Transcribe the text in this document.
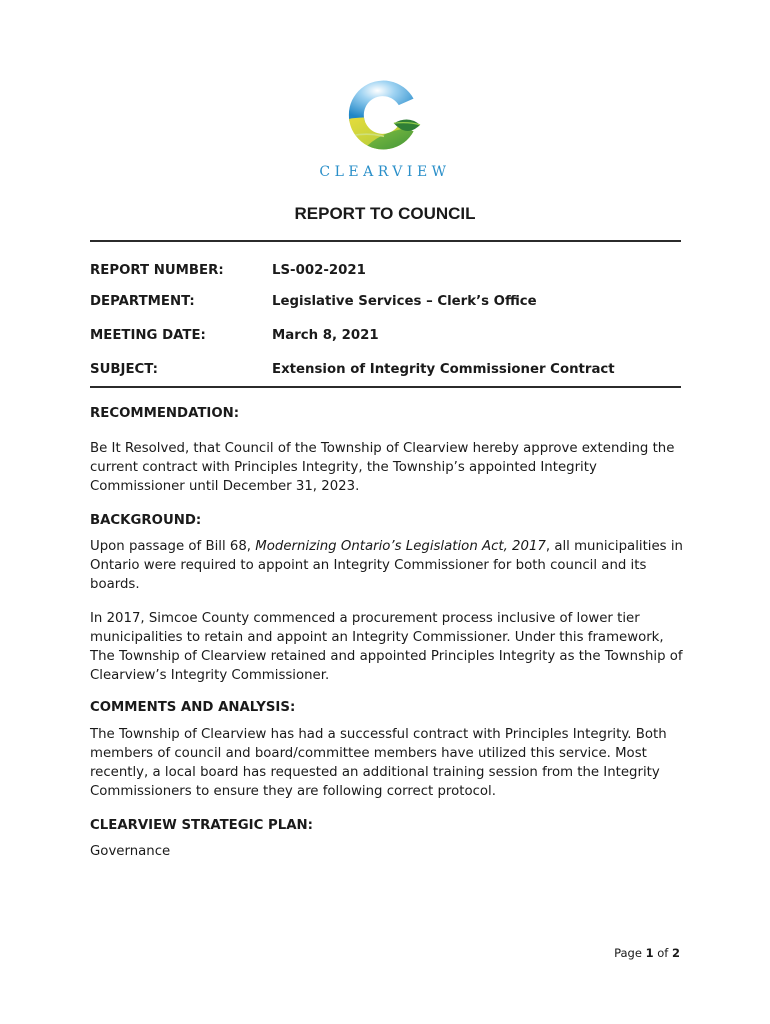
CLEARVIEW
REPORT TO COUNCIL
REPORT NUMBER:	LS-002-2021
DEPARTMENT:	Legislative Services – Clerk’s Office
MEETING DATE:	March 8, 2021
SUBJECT:	Extension of Integrity Commissioner Contract
RECOMMENDATION:

Be It Resolved, that Council of the Township of Clearview hereby approve extending the current contract with Principles Integrity, the Township’s appointed Integrity Commissioner until December 31, 2023.

BACKGROUND:

Upon passage of Bill 68, Modernizing Ontario’s Legislation Act, 2017, all municipalities in Ontario were required to appoint an Integrity Commissioner for both council and its boards.

In 2017, Simcoe County commenced a procurement process inclusive of lower tier municipalities to retain and appoint an Integrity Commissioner. Under this framework, The Township of Clearview retained and appointed Principles Integrity as the Township of Clearview’s Integrity Commissioner.

COMMENTS AND ANALYSIS:

The Township of Clearview has had a successful contract with Principles Integrity. Both members of council and board/committee members have utilized this service. Most recently, a local board has requested an additional training session from the Integrity Commissioners to ensure they are following correct protocol.

CLEARVIEW STRATEGIC PLAN:

Governance

Page 1 of 2
